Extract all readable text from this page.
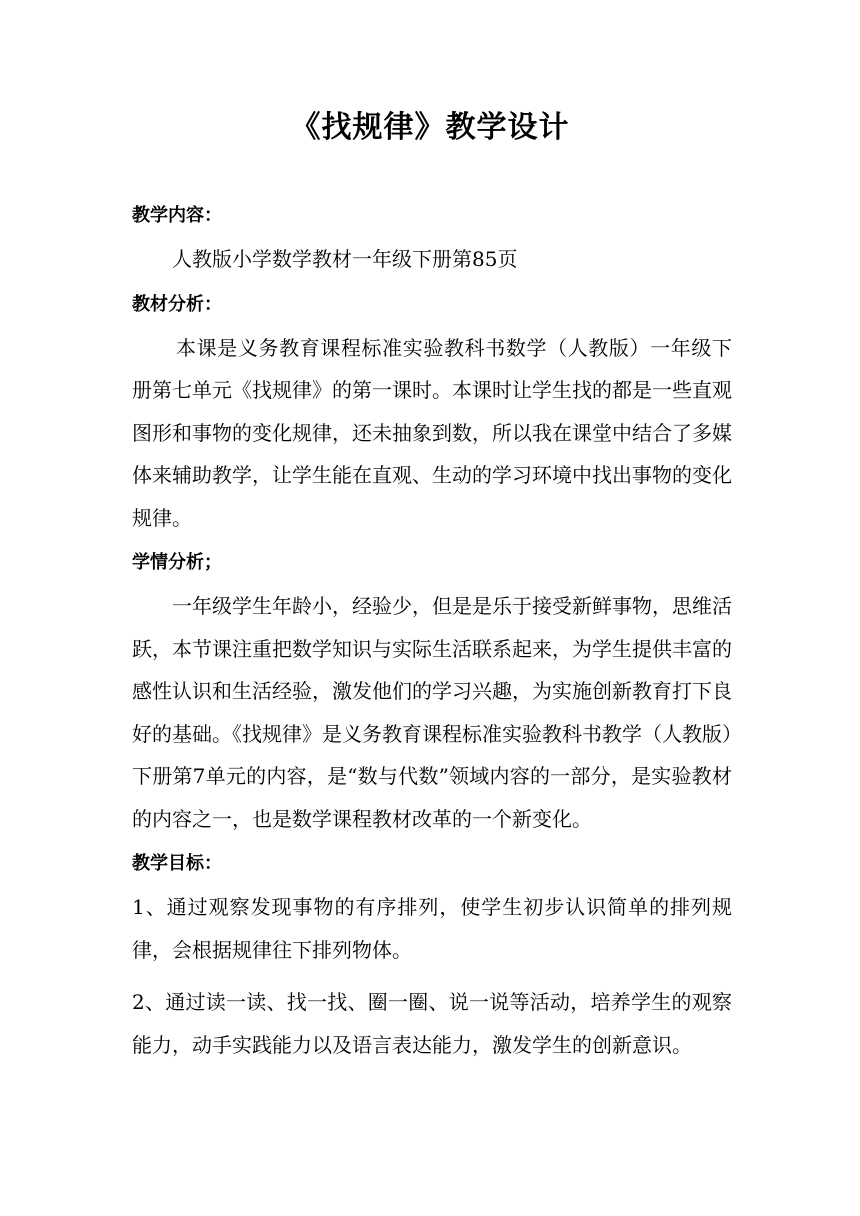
《找规律》教学设计
教学内容：
人教版小学数学教材一年级下册第85页
教材分析：
本课是义务教育课程标准实验教科书数学（人教版）一年级下册第七单元《找规律》的第一课时。本课时让学生找的都是一些直观图形和事物的变化规律，还未抽象到数，所以我在课堂中结合了多媒体来辅助教学，让学生能在直观、生动的学习环境中找出事物的变化规律。
学情分析；
一年级学生年龄小，经验少，但是是乐于接受新鲜事物，思维活跃，本节课注重把数学知识与实际生活联系起来，为学生提供丰富的感性认识和生活经验，激发他们的学习兴趣，为实施创新教育打下良好的基础。《找规律》是义务教育课程标准实验教科书教学（人教版）下册第7单元的内容，是“数与代数”领域内容的一部分，是实验教材的内容之一，也是数学课程教材改革的一个新变化。
教学目标：
1、通过观察发现事物的有序排列，使学生初步认识简单的排列规律，会根据规律往下排列物体。
2、通过读一读、找一找、圈一圈、说一说等活动，培养学生的观察能力，动手实践能力以及语言表达能力，激发学生的创新意识。
